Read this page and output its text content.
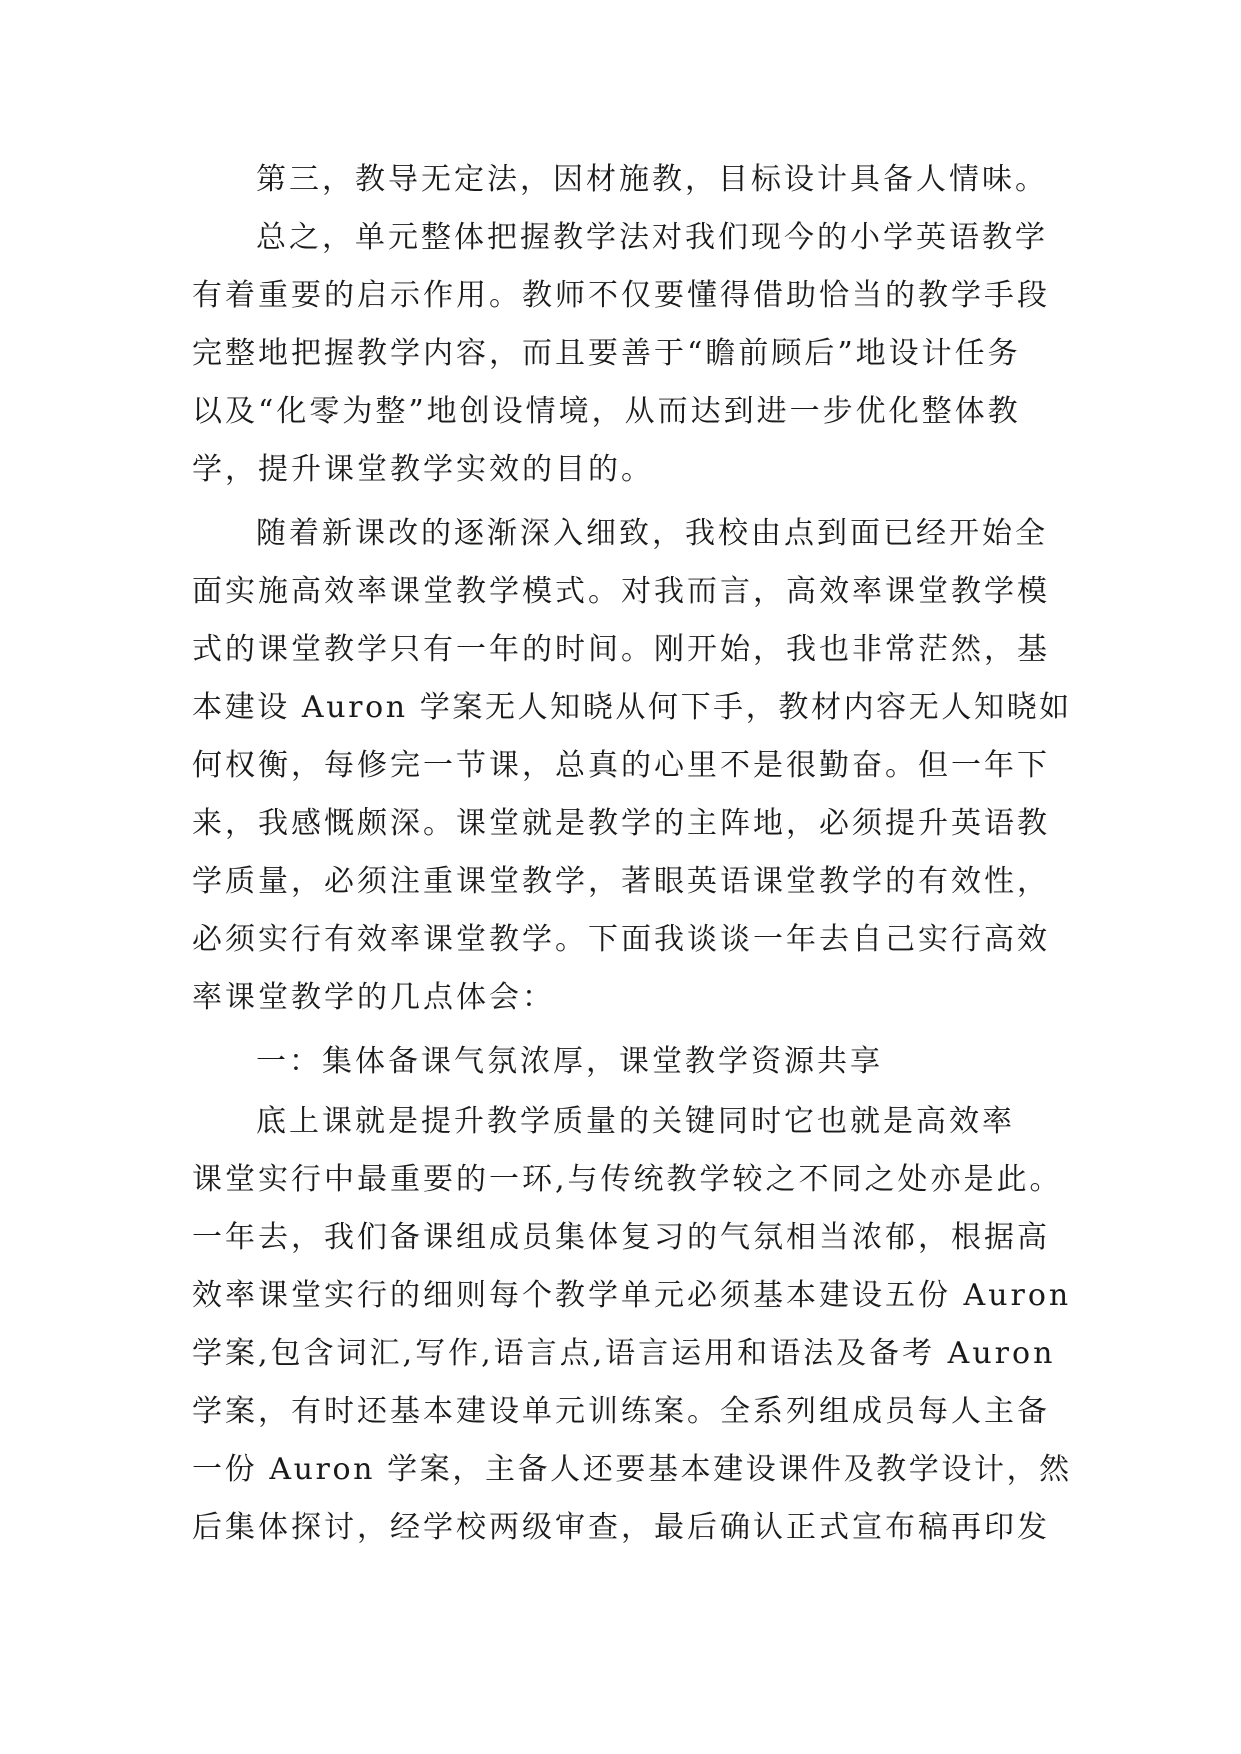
第三，教导无定法，因材施教，目标设计具备人情味。
总之，单元整体把握教学法对我们现今的小学英语教学
有着重要的启示作用。教师不仅要懂得借助恰当的教学手段
完整地把握教学内容，而且要善于“瞻前顾后”地设计任务
以及“化零为整”地创设情境，从而达到进一步优化整体教
学，提升课堂教学实效的目的。
随着新课改的逐渐深入细致，我校由点到面已经开始全
面实施高效率课堂教学模式。对我而言，高效率课堂教学模
式的课堂教学只有一年的时间。刚开始，我也非常茫然，基
本建设 Auron 学案无人知晓从何下手，教材内容无人知晓如
何权衡，每修完一节课，总真的心里不是很勤奋。但一年下
来，我感慨颇深。课堂就是教学的主阵地，必须提升英语教
学质量，必须注重课堂教学，著眼英语课堂教学的有效性，
必须实行有效率课堂教学。下面我谈谈一年去自己实行高效
率课堂教学的几点体会：
一：集体备课气氛浓厚，课堂教学资源共享
底上课就是提升教学质量的关键同时它也就是高效率
课堂实行中最重要的一环,与传统教学较之不同之处亦是此。
一年去，我们备课组成员集体复习的气氛相当浓郁，根据高
效率课堂实行的细则每个教学单元必须基本建设五份 Auron
学案,包含词汇,写作,语言点,语言运用和语法及备考 Auron
学案，有时还基本建设单元训练案。全系列组成员每人主备
一份 Auron 学案，主备人还要基本建设课件及教学设计，然
后集体探讨，经学校两级审查，最后确认正式宣布稿再印发
